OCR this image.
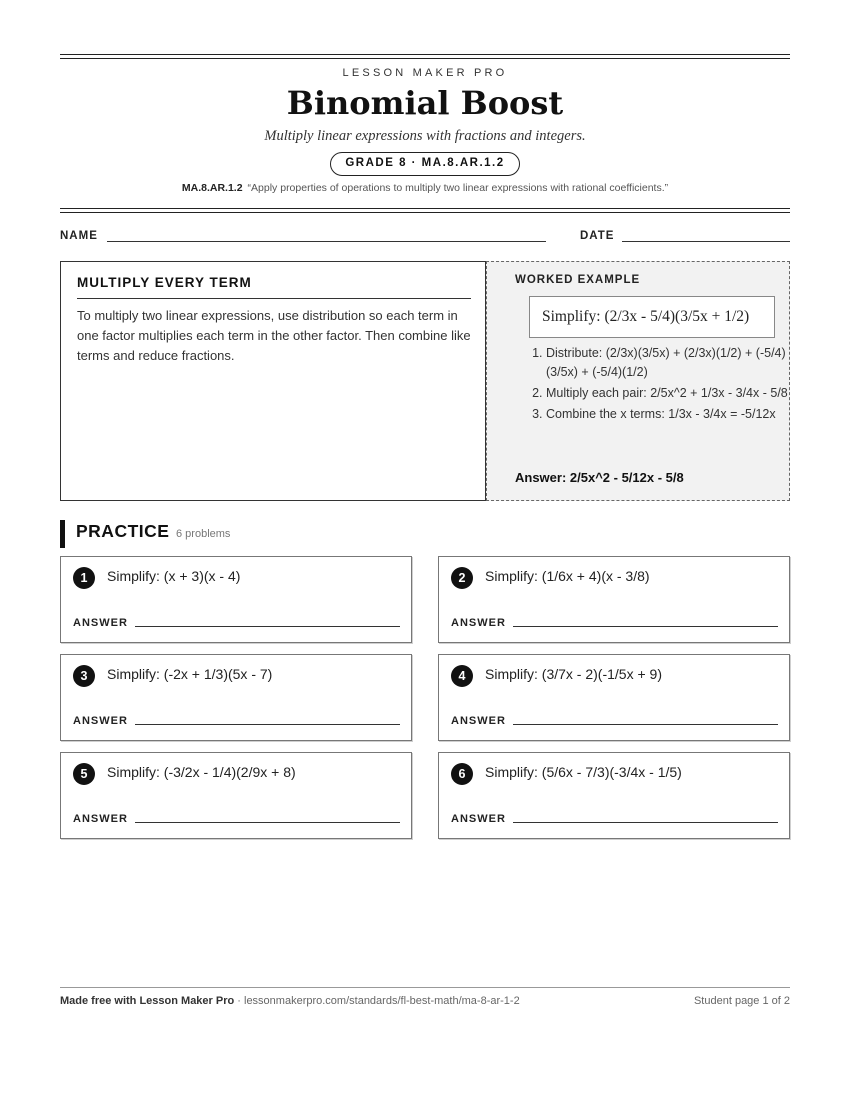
LESSON MAKER PRO
Binomial Boost
Multiply linear expressions with fractions and integers.
GRADE 8 · MA.8.AR.1.2
MA.8.AR.1.2 “Apply properties of operations to multiply two linear expressions with rational coefficients.”
NAME	DATE
MULTIPLY EVERY TERM

To multiply two linear expressions, use distribution so each term in one factor multiplies each term in the other factor. Then combine like terms and reduce fractions.

WORKED EXAMPLE
Simplify: (2/3x - 5/4)(3/5x + 1/2)
1. Distribute: (2/3x)(3/5x) + (2/3x)(1/2) + (-5/4)(3/5x) + (-5/4)(1/2)
2. Multiply each pair: 2/5x^2 + 1/3x - 3/4x - 5/8
3. Combine the x terms: 1/3x - 3/4x = -5/12x
Answer: 2/5x^2 - 5/12x - 5/8
PRACTICE 6 problems
1	Simplify: (x + 3)(x - 4)
ANSWER
2	Simplify: (1/6x + 4)(x - 3/8)
ANSWER
3	Simplify: (-2x + 1/3)(5x - 7)
ANSWER
4	Simplify: (3/7x - 2)(-1/5x + 9)
ANSWER
5	Simplify: (-3/2x - 1/4)(2/9x + 8)
ANSWER
6	Simplify: (5/6x - 7/3)(-3/4x - 1/5)
ANSWER
Made free with Lesson Maker Pro · lessonmakerpro.com/standards/fl-best-math/ma-8-ar-1-2	Student page 1 of 2
